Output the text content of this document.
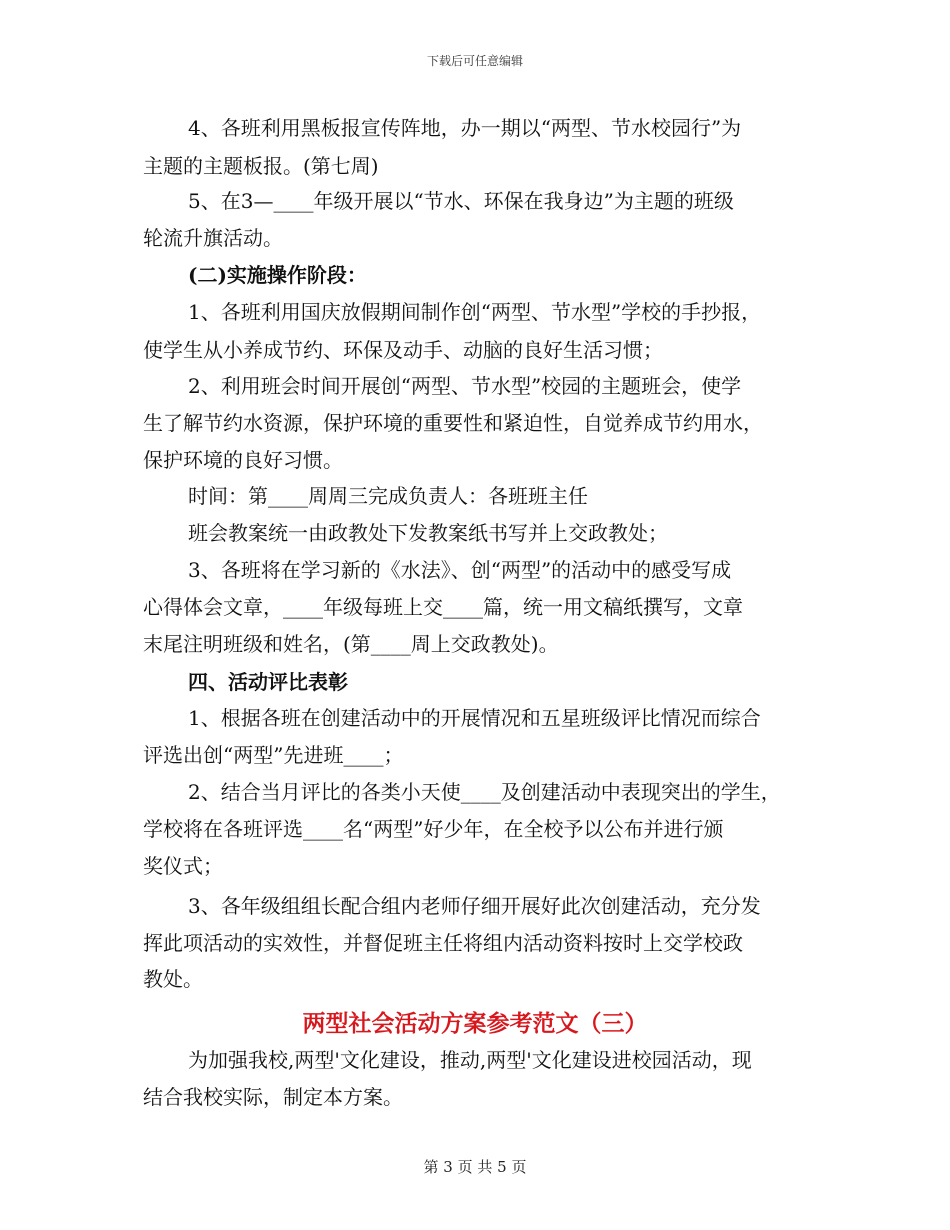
下载后可任意编辑
4、各班利用黑板报宣传阵地，办一期以“两型、节水校园行”为
主题的主题板报。(第七周)
5、在3—____年级开展以“节水、环保在我身边”为主题的班级
轮流升旗活动。
(二)实施操作阶段：
1、各班利用国庆放假期间制作创“两型、节水型”学校的手抄报，
使学生从小养成节约、环保及动手、动脑的良好生活习惯；
2、利用班会时间开展创“两型、节水型”校园的主题班会，使学
生了解节约水资源，保护环境的重要性和紧迫性，自觉养成节约用水，
保护环境的良好习惯。
时间：第____周周三完成负责人：各班班主任
班会教案统一由政教处下发教案纸书写并上交政教处；
3、各班将在学习新的《水法》、创“两型”的活动中的感受写成
心得体会文章，____年级每班上交____篇，统一用文稿纸撰写，文章
末尾注明班级和姓名，(第____周上交政教处)。
四、活动评比表彰
1、根据各班在创建活动中的开展情况和五星班级评比情况而综合
评选出创“两型”先进班____；
2、结合当月评比的各类小天使____及创建活动中表现突出的学生，
学校将在各班评选____名“两型”好少年，在全校予以公布并进行颁
奖仪式；
3、各年级组组长配合组内老师仔细开展好此次创建活动，充分发
挥此项活动的实效性，并督促班主任将组内活动资料按时上交学校政
教处。
两型社会活动方案参考范文（三）
为加强我校,两型'文化建设，推动,两型'文化建设进校园活动，现
结合我校实际，制定本方案。
第 3 页 共 5 页
